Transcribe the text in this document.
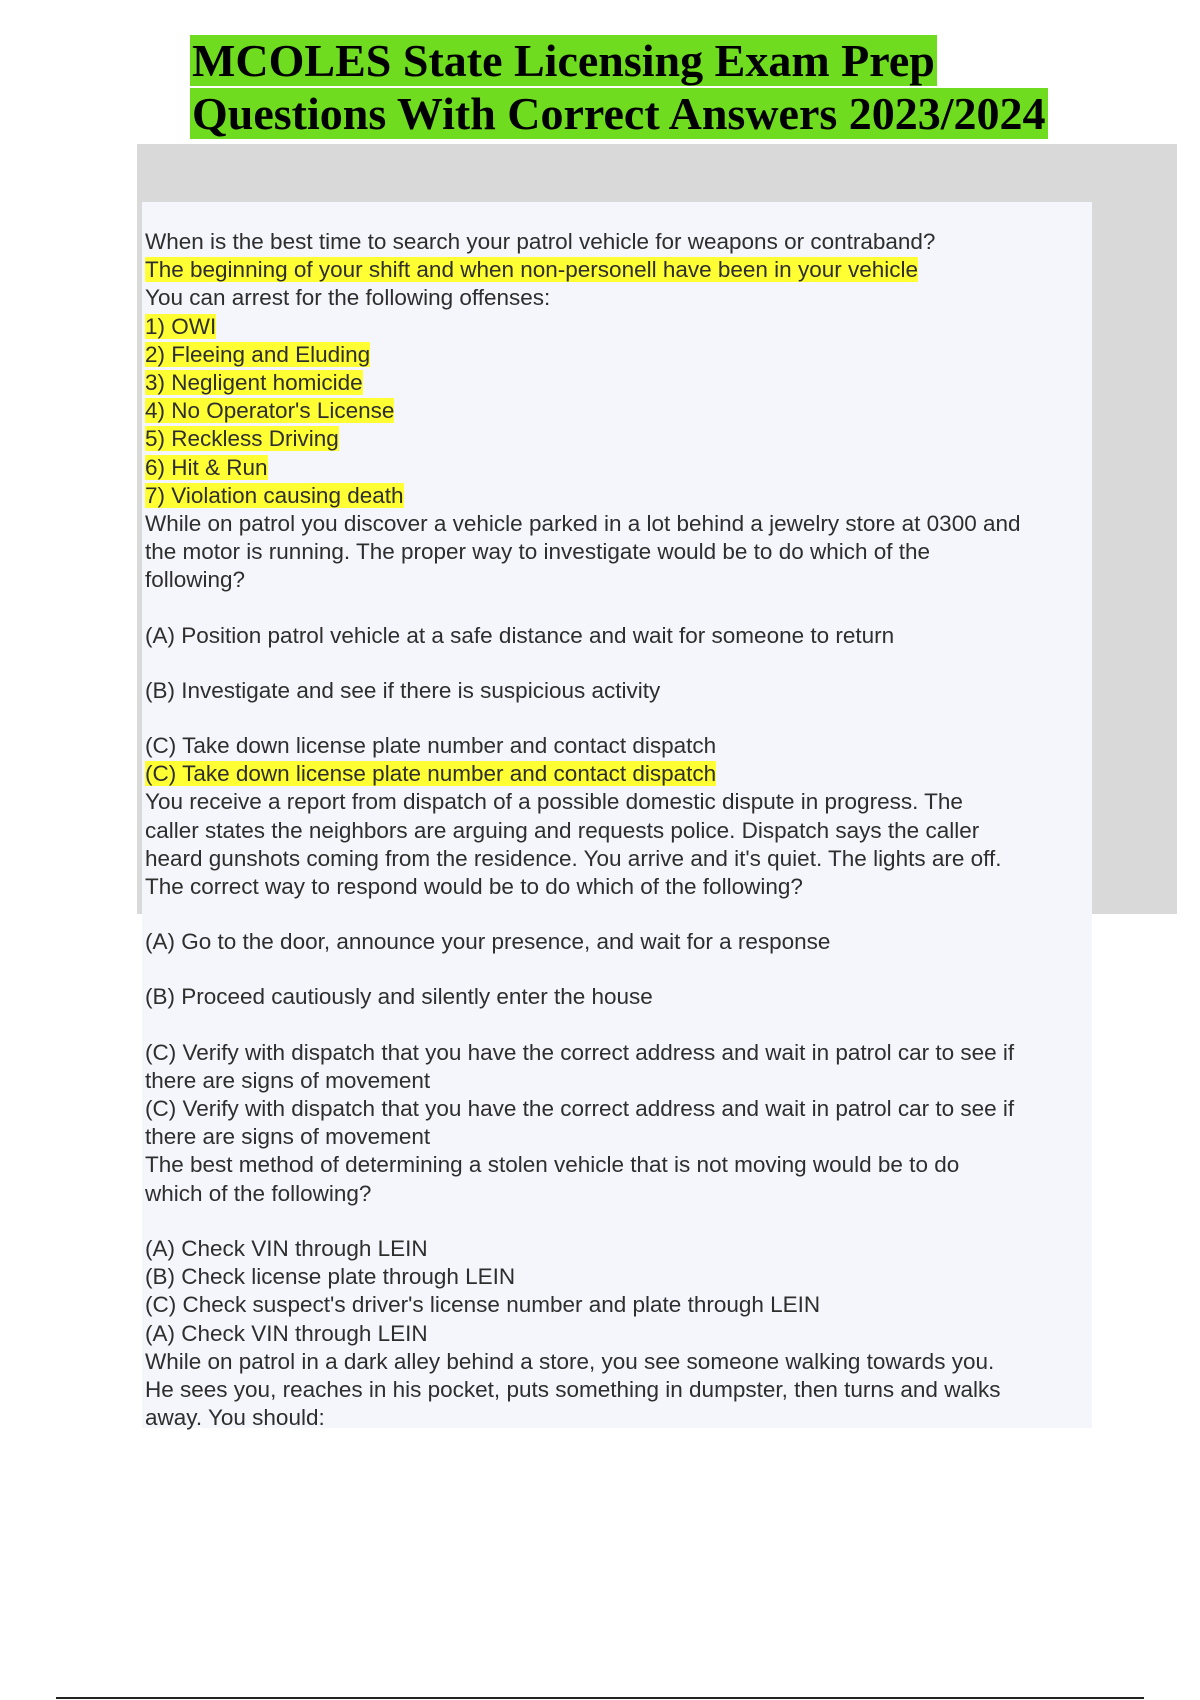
MCOLES State Licensing Exam Prep
Questions With Correct Answers 2023/2024
When is the best time to search your patrol vehicle for weapons or contraband?
The beginning of your shift and when non-personell have been in your vehicle
You can arrest for the following offenses:
1) OWI
2) Fleeing and Eluding
3) Negligent homicide
4) No Operator's License
5) Reckless Driving
6) Hit & Run
7) Violation causing death
While on patrol you discover a vehicle parked in a lot behind a jewelry store at 0300 and
the motor is running. The proper way to investigate would be to do which of the
following?
(A) Position patrol vehicle at a safe distance and wait for someone to return
(B) Investigate and see if there is suspicious activity
(C) Take down license plate number and contact dispatch
(C) Take down license plate number and contact dispatch
You receive a report from dispatch of a possible domestic dispute in progress. The
caller states the neighbors are arguing and requests police. Dispatch says the caller
heard gunshots coming from the residence. You arrive and it's quiet. The lights are off.
The correct way to respond would be to do which of the following?
(A) Go to the door, announce your presence, and wait for a response
(B) Proceed cautiously and silently enter the house
(C) Verify with dispatch that you have the correct address and wait in patrol car to see if
there are signs of movement
(C) Verify with dispatch that you have the correct address and wait in patrol car to see if
there are signs of movement
The best method of determining a stolen vehicle that is not moving would be to do
which of the following?
(A) Check VIN through LEIN
(B) Check license plate through LEIN
(C) Check suspect's driver's license number and plate through LEIN
(A) Check VIN through LEIN
While on patrol in a dark alley behind a store, you see someone walking towards you.
He sees you, reaches in his pocket, puts something in dumpster, then turns and walks
away. You should:
